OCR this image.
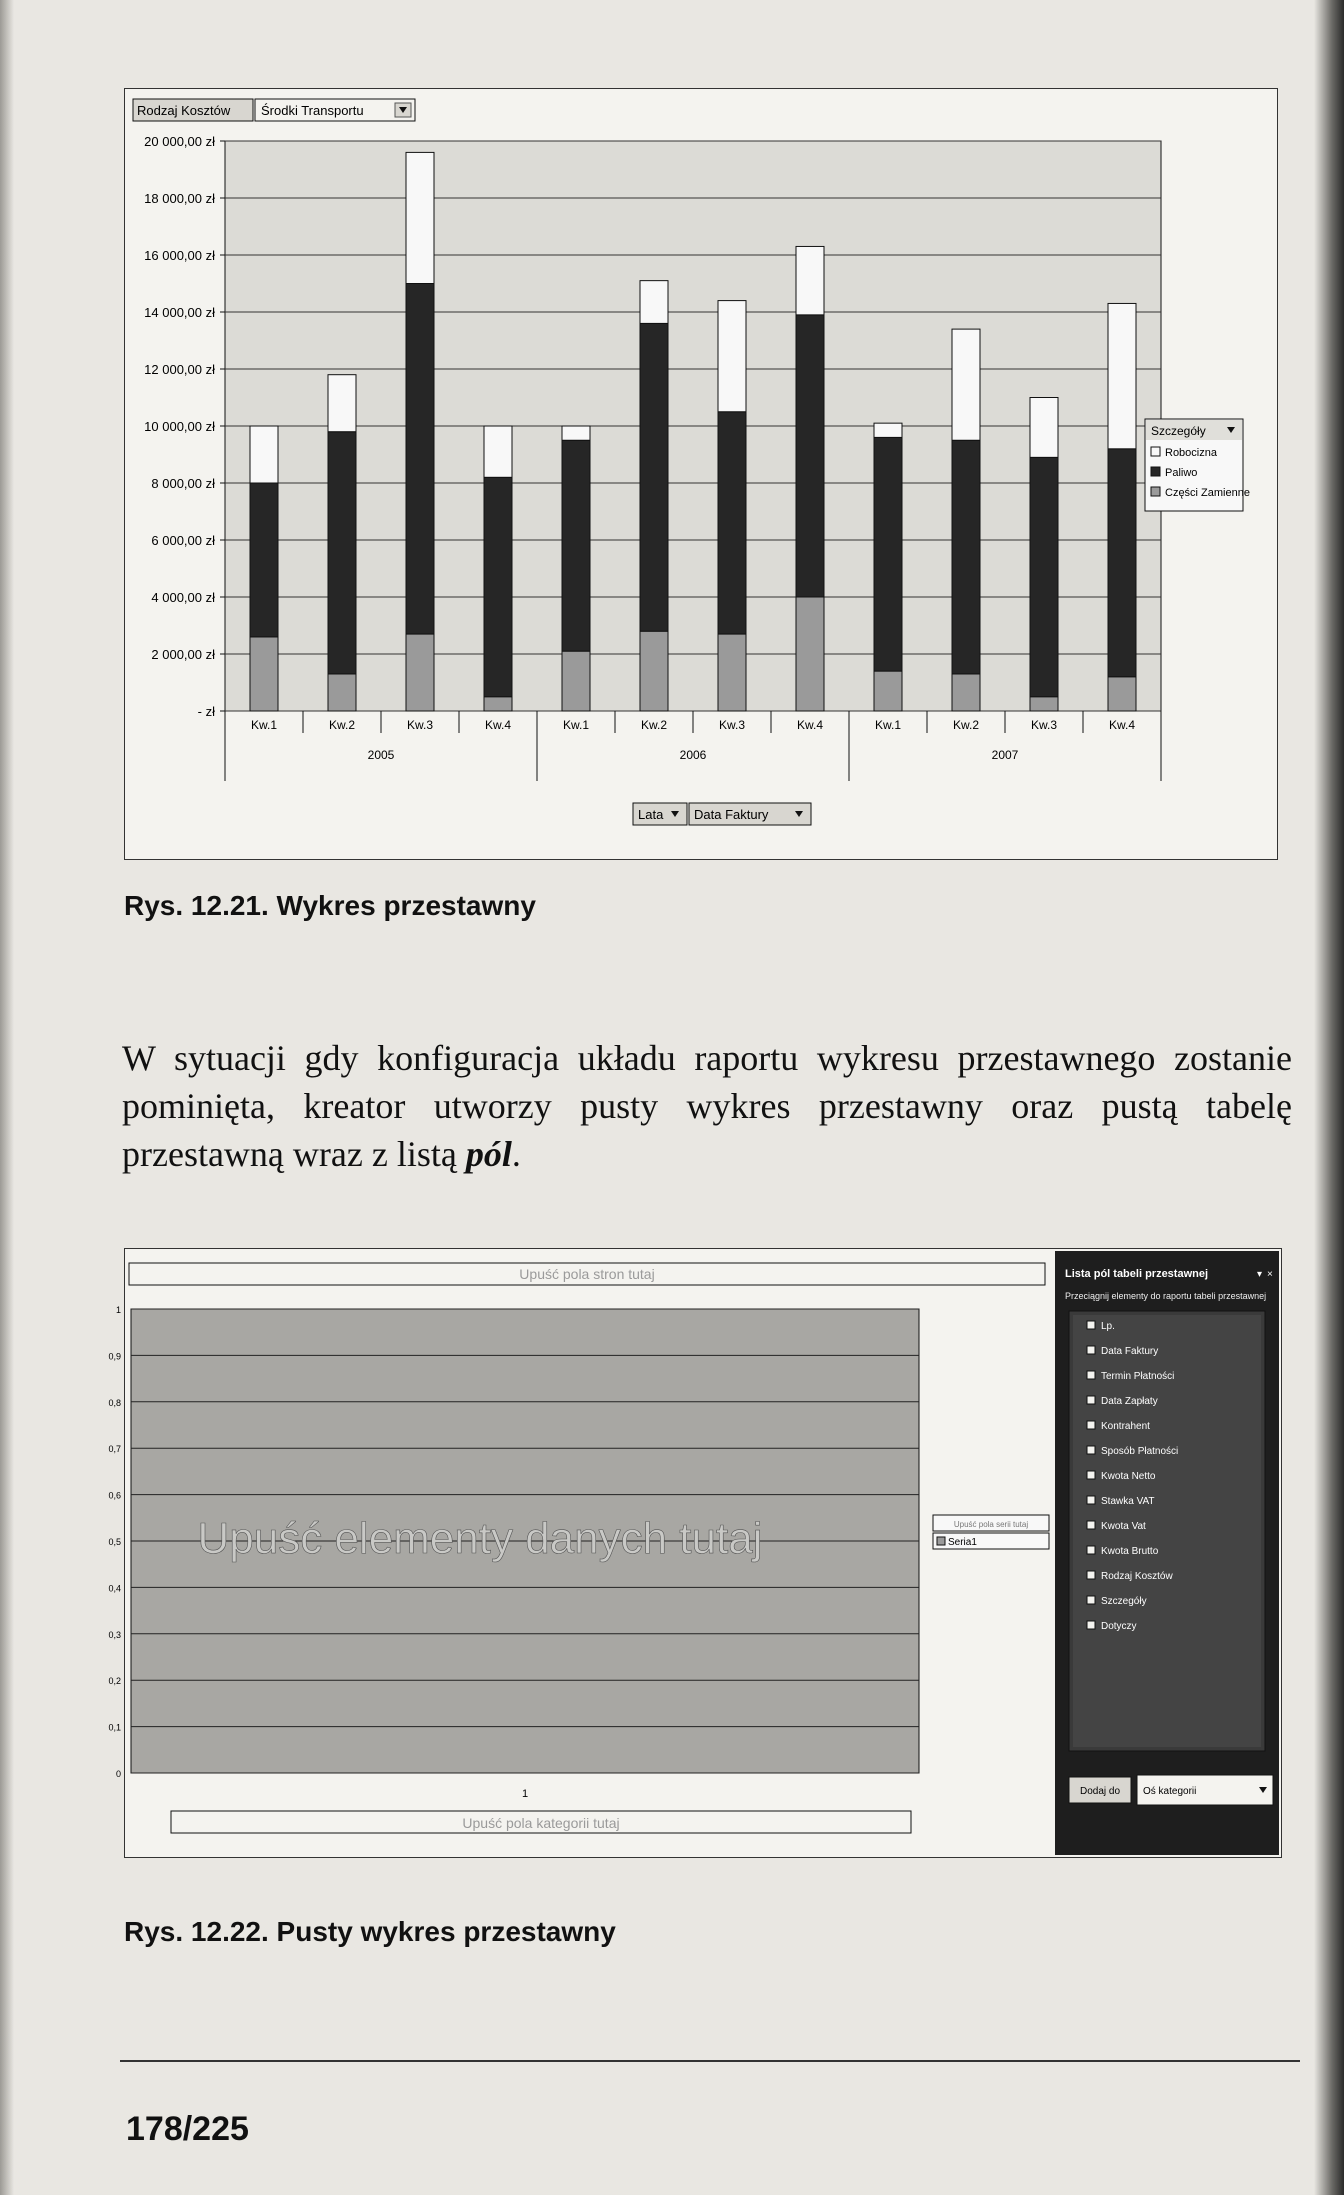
Rodzaj Kosztów Środki Transportu
- zł
2 000,00 zł
4 000,00 zł
6 000,00 zł
8 000,00 zł
10 000,00 zł
12 000,00 zł
14 000,00 zł
16 000,00 zł
18 000,00 zł
20 000,00 zł
Kw.1	Kw.2	Kw.3	Kw.4	Kw.1	Kw.2	Kw.3	Kw.4	Kw.1	Kw.2	Kw.3	Kw.4
2005	2006	2007
Szczegóły
Robocizna
Paliwo
Części Zamienne
Lata Data Faktury
Rys. 12.21. Wykres przestawny
W sytuacji gdy konfiguracja układu raportu wykresu przestawnego zostanie pominięta, kreator utworzy pusty wykres przestawny oraz pustą tabelę przestawną wraz z listą pól.
Upuść pola stron tutaj
0
0,1
0,2
0,3
0,4
0,5
0,6
0,7
0,8
0,9
1
1
Upuść elementy danych tutaj	Upuść pola serii tutaj
Seria1
Upuść pola kategorii tutaj
Lista pól tabeli przestawnej	▾ ×
Przeciągnij elementy do raportu tabeli przestawnej
Lp.
Data Faktury
Termin Płatności
Data Zapłaty
Kontrahent
Sposób Płatności
Kwota Netto
Stawka VAT
Kwota Vat
Kwota Brutto
Rodzaj Kosztów
Szczegóły
Dotyczy
Dodaj do Oś kategorii
Rys. 12.22. Pusty wykres przestawny
178/225
